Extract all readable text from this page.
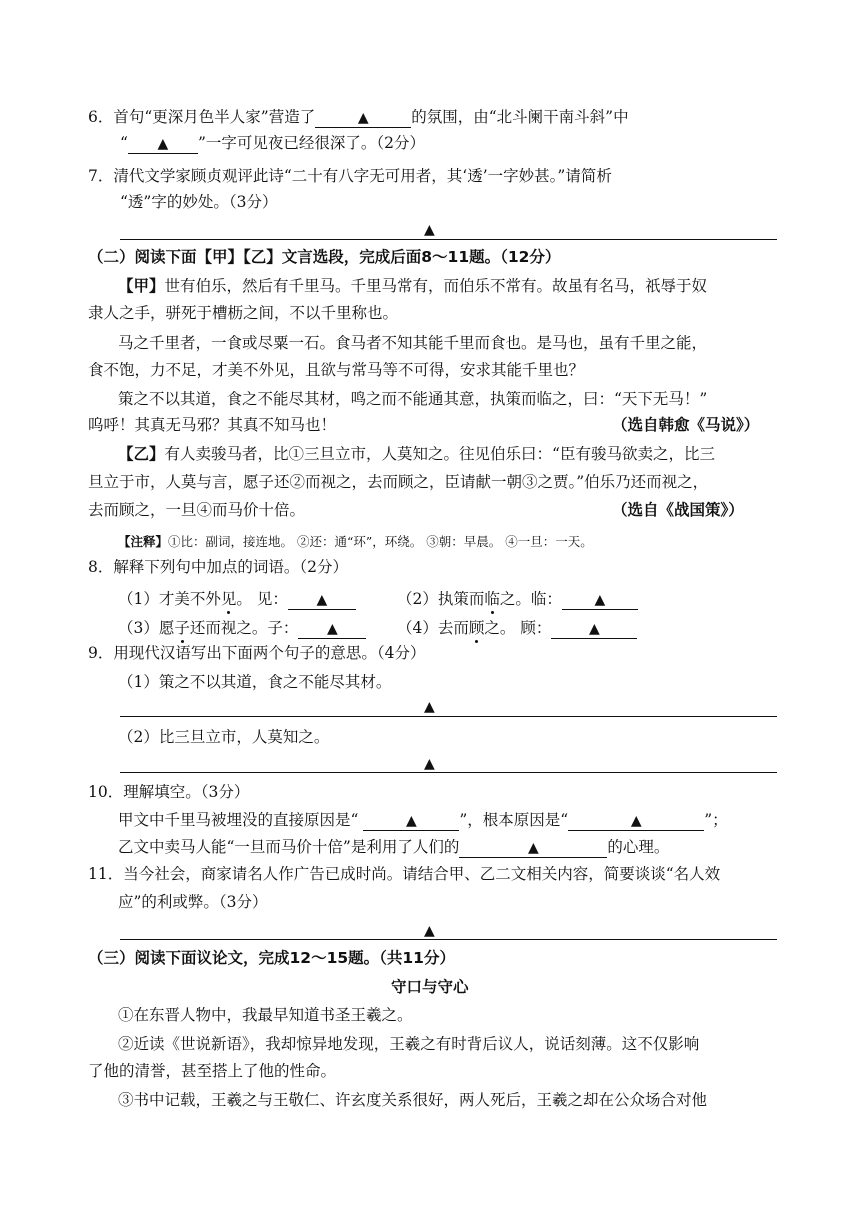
6．首句“更深月色半人家”营造了	▲	的氛围，由“北斗阑干南斗斜”中
“ ▲ ”一字可见夜已经很深了。（2分）
7．清代文学家顾贞观评此诗“二十有八字无可用者，其‘透’一字妙甚。”请简析
“透”字的妙处。（3分）
▲
（二）阅读下面【甲】【乙】文言选段，完成后面8～11题。（12分）
【甲】世有伯乐，然后有千里马。千里马常有，而伯乐不常有。故虽有名马，祇辱于奴
隶人之手，骈死于槽枥之间，不以千里称也。
马之千里者，一食或尽粟一石。食马者不知其能千里而食也。是马也，虽有千里之能，
食不饱，力不足，才美不外见，且欲与常马等不可得，安求其能千里也？
策之不以其道，食之不能尽其材，鸣之而不能通其意，执策而临之，曰：“天下无马！”
呜呼！其真无马邪？其真不知马也！	（选自韩愈《马说》）
【乙】有人卖骏马者，比①三旦立市，人莫知之。往见伯乐曰：“臣有骏马欲卖之，比三
旦立于市，人莫与言，愿子还②而视之，去而顾之，臣请献一朝③之贾。”伯乐乃还而视之，
去而顾之，一旦④而马价十倍。	（选自《战国策》）
【注释】①比：副词，接连地。 ②还：通“环”，环绕。 ③朝：早晨。 ④一旦：一天。
8．解释下列句中加点的词语。（2分）
（1）才美不外见。 见： ▲	（2）执策而临之。临： ▲
（3）愿子还而视之。子： ▲	（4）去而顾之。 顾：	▲
9．用现代汉语写出下面两个句子的意思。（4分）
（1）策之不以其道，食之不能尽其材。
▲
（2）比三旦立市，人莫知之。
▲
10．理解填空。（3分）
甲文中千里马被埋没的直接原因是“	▲	”，根本原因是“	▲	”；
乙文中卖马人能“一旦而马价十倍”是利用了人们的	▲	的心理。
11．当今社会，商家请名人作广告已成时尚。请结合甲、乙二文相关内容，简要谈谈“名人效
应”的利或弊。（3分）
▲
（三）阅读下面议论文，完成12～15题。（共11分）
守口与守心
①在东晋人物中，我最早知道书圣王羲之。
②近读《世说新语》，我却惊异地发现，王羲之有时背后议人，说话刻薄。这不仅影响
了他的清誉，甚至搭上了他的性命。
③书中记载，王羲之与王敬仁、许玄度关系很好，两人死后，王羲之却在公众场合对他
